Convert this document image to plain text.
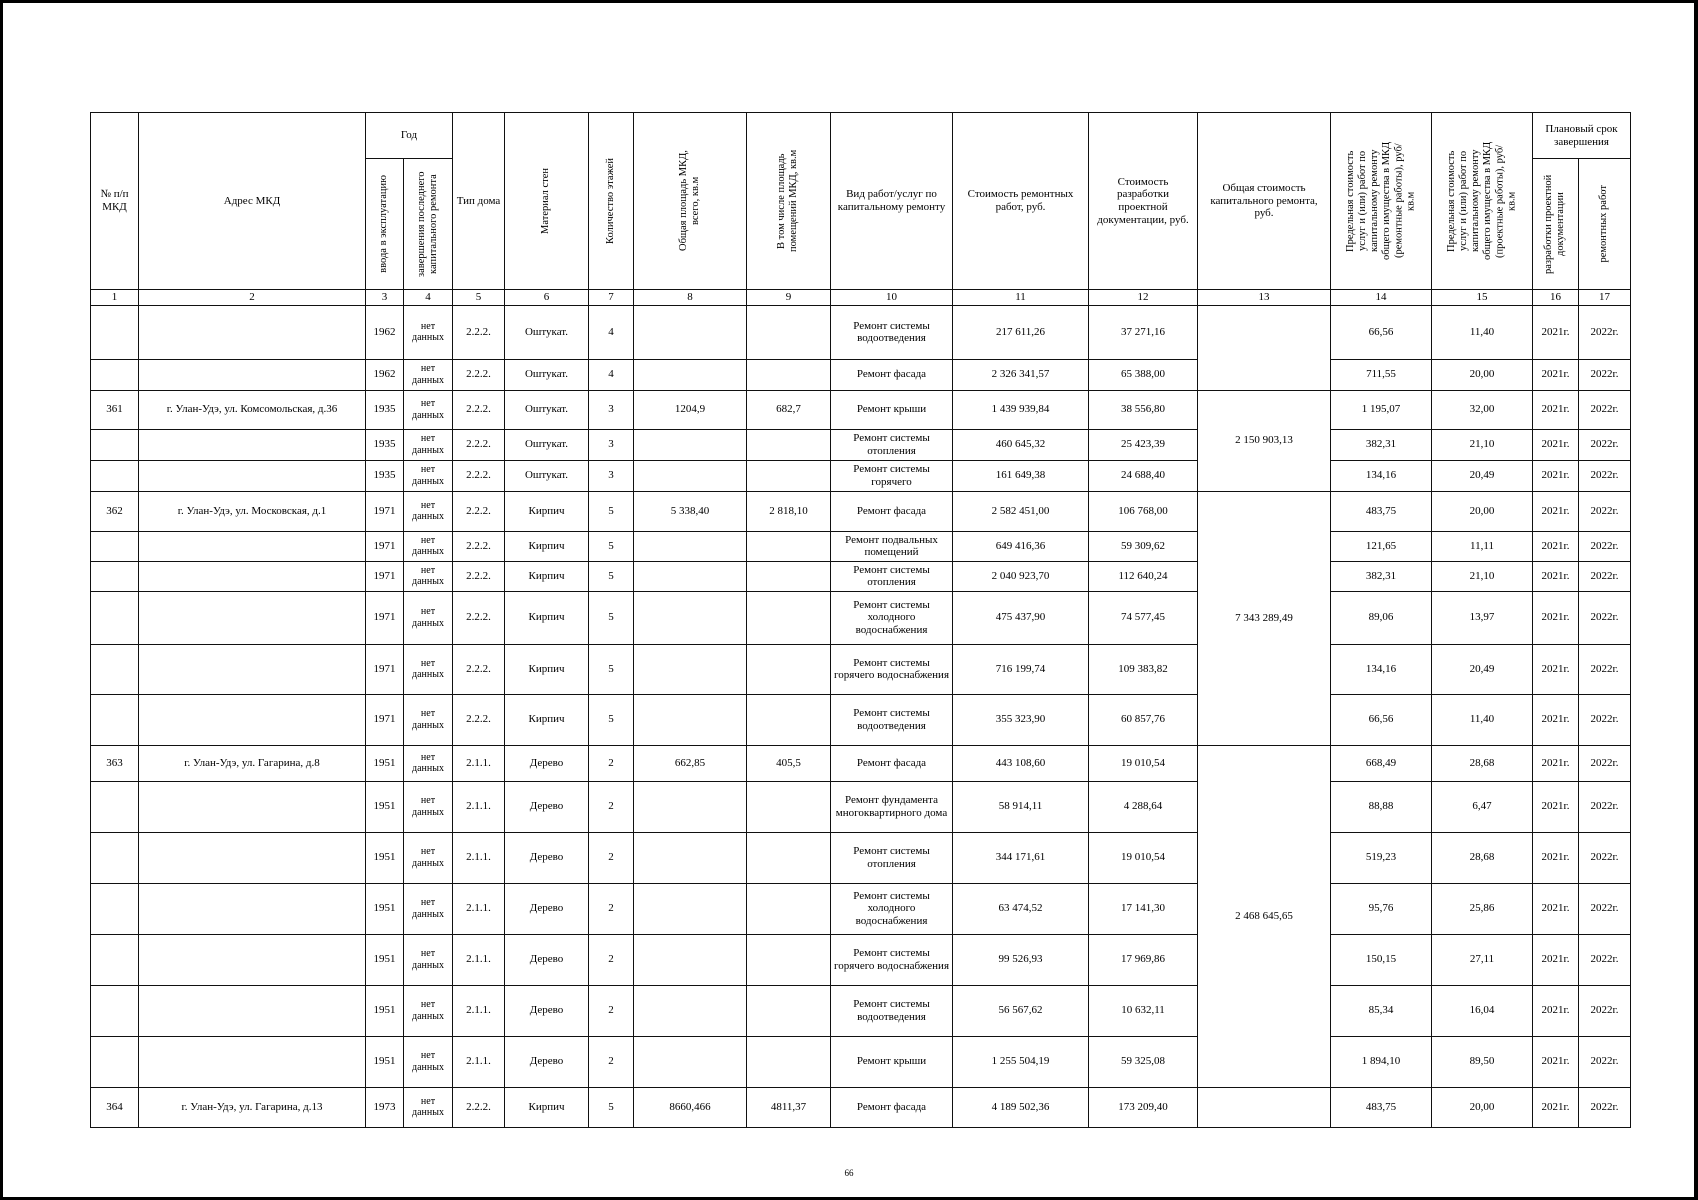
№ п/п МКД	Адрес МКД	Год		Тип дома	Материал стен	Количество этажей	Общая площадь МКД, всего, кв.м	В том числе площадь помещений МКД, кв.м	Вид работ/услуг по капитальному ремонту	Стоимость ремонтных работ, руб.	Стоимость разработки проектной документации, руб.	Общая стоимость капитального ремонта, руб.	Предельная стоимость услуг и (или) работ по капитальному ремонту общего имущества в МКД (ремонтные работы), руб/кв.м	Предельная стоимость услуг и (или) работ по капитальному ремонту общего имущества в МКД (проектные работы), руб/кв.м	Плановый срок завершения	

		ввода в эксплуатацию	завершения последнего капитального ремонта												разработки проектной документации	ремонтных работ

1	2	3	4	5	6	7	8	9	10	11	12	13	14	15	16	17
		1962	нет данных	2.2.2.	Оштукат.	4			Ремонт системы водоотведения	217 611,26	37 271,16		66,56	11,40	2021г.	2022г.
		1962	нет данных	2.2.2.	Оштукат.	4			Ремонт фасада	2 326 341,57	65 388,00		711,55	20,00	2021г.	2022г.
361	г. Улан-Удэ, ул. Комсомольская, д.36	1935	нет данных	2.2.2.	Оштукат.	3	1204,9	682,7	Ремонт крыши	1 439 939,84	38 556,80	2 150 903,13	1 195,07	32,00	2021г.	2022г.
		1935	нет данных	2.2.2.	Оштукат.	3			Ремонт системы отопления	460 645,32	25 423,39		382,31	21,10	2021г.	2022г.
		1935	нет данных	2.2.2.	Оштукат.	3			Ремонт системы горячего	161 649,38	24 688,40		134,16	20,49	2021г.	2022г.
362	г. Улан-Удэ, ул. Московская, д.1	1971	нет данных	2.2.2.	Кирпич	5	5 338,40	2 818,10	Ремонт фасада	2 582 451,00	106 768,00	7 343 289,49	483,75	20,00	2021г.	2022г.
		1971	нет данных	2.2.2.	Кирпич	5			Ремонт подвальных помещений	649 416,36	59 309,62		121,65	11,11	2021г.	2022г.
		1971	нет данных	2.2.2.	Кирпич	5			Ремонт системы отопления	2 040 923,70	112 640,24		382,31	21,10	2021г.	2022г.
		1971	нет данных	2.2.2.	Кирпич	5			Ремонт системы холодного водоснабжения	475 437,90	74 577,45		89,06	13,97	2021г.	2022г.
		1971	нет данных	2.2.2.	Кирпич	5			Ремонт системы горячего водоснабжения	716 199,74	109 383,82		134,16	20,49	2021г.	2022г.
		1971	нет данных	2.2.2.	Кирпич	5			Ремонт системы водоотведения	355 323,90	60 857,76		66,56	11,40	2021г.	2022г.
363	г. Улан-Удэ, ул. Гагарина, д.8	1951	нет данных	2.1.1.	Дерево	2	662,85	405,5	Ремонт фасада	443 108,60	19 010,54	2 468 645,65	668,49	28,68	2021г.	2022г.
		1951	нет данных	2.1.1.	Дерево	2			Ремонт фундамента многоквартирного дома	58 914,11	4 288,64		88,88	6,47	2021г.	2022г.
		1951	нет данных	2.1.1.	Дерево	2			Ремонт системы отопления	344 171,61	19 010,54		519,23	28,68	2021г.	2022г.
		1951	нет данных	2.1.1.	Дерево	2			Ремонт системы холодного водоснабжения	63 474,52	17 141,30		95,76	25,86	2021г.	2022г.
		1951	нет данных	2.1.1.	Дерево	2			Ремонт системы горячего водоснабжения	99 526,93	17 969,86		150,15	27,11	2021г.	2022г.
		1951	нет данных	2.1.1.	Дерево	2			Ремонт системы водоотведения	56 567,62	10 632,11		85,34	16,04	2021г.	2022г.
		1951	нет данных	2.1.1.	Дерево	2			Ремонт крыши	1 255 504,19	59 325,08		1 894,10	89,50	2021г.	2022г.
364	г. Улан-Удэ, ул. Гагарина, д.13	1973	нет данных	2.2.2.	Кирпич	5	8660,466	4811,37	Ремонт фасада	4 189 502,36	173 209,40		483,75	20,00	2021г.	2022г.
66
